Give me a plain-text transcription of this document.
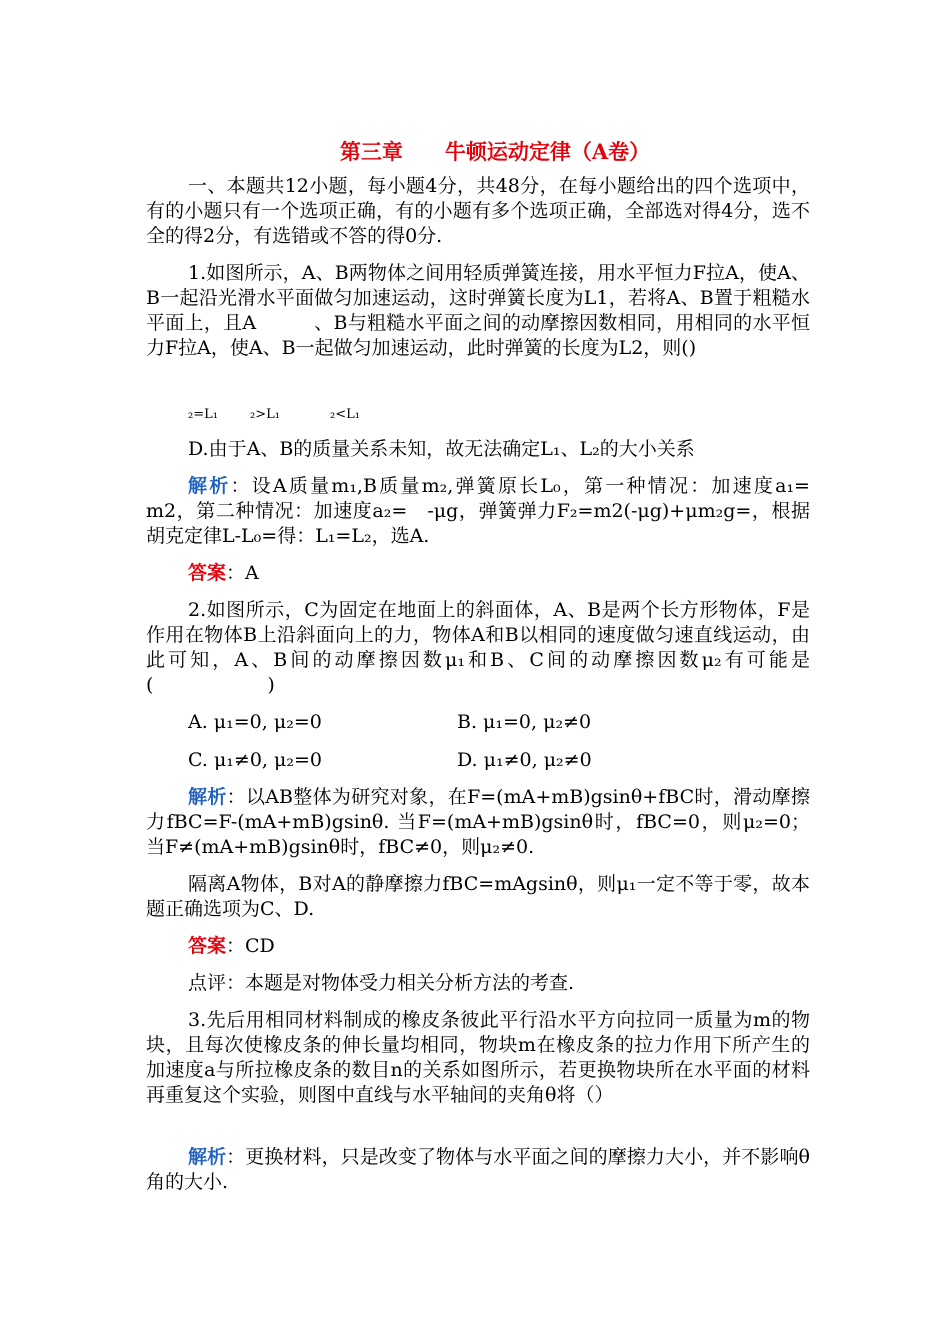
第三章　　牛顿运动定律（A卷）
一、本题共12小题，每小题4分，共48分，在每小题给出的四个选项中，有的小题只有一个选项正确，有的小题有多个选项正确，全部选对得4分，选不全的得2分，有选错或不答的得0分.
1.如图所示，A、B两物体之间用轻质弹簧连接，用水平恒力F拉A，使A、B一起沿光滑水平面做匀加速运动，这时弹簧长度为L1，若将A、B置于粗糙水平面上，且A　　　、B与粗糙水平面之间的动摩擦因数相同，用相同的水平恒力F拉A，使A、B一起做匀加速运动，此时弹簧的长度为L2，则()
₂=L₁ ₂>L₁	₂<L₁
D.由于A、B的质量关系未知，故无法确定L₁、L₂的大小关系
解析：设A质量m₁,B质量m₂,弹簧原长L₀，第一种情况：加速度a₁=　m2，第二种情况：加速度a₂=　-μg，弹簧弹力F₂=m2(-μg)+μm₂g=，根据胡克定律L-L₀=得：L₁=L₂，选A.
答案：A
2.如图所示，C为固定在地面上的斜面体，A、B是两个长方形物体，F是作用在物体B上沿斜面向上的力，物体A和B以相同的速度做匀速直线运动，由此可知，A、B间的动摩擦因数μ₁和B、C间的动摩擦因数μ₂有可能是(　　　　　　)
A. μ₁=0, μ₂=0	B. μ₁=0, μ₂≠0
C. μ₁≠0, μ₂=0	D. μ₁≠0, μ₂≠0
解析：以AB整体为研究对象，在F=(mA+mB)gsinθ+fBC时，滑动摩擦力fBC=F-(mA+mB)gsinθ. 当F=(mA+mB)gsinθ时，fBC=0，则μ₂=0；当F≠(mA+mB)gsinθ时，fBC≠0，则μ₂≠0.
隔离A物体，B对A的静摩擦力fBC=mAgsinθ，则μ₁一定不等于零，故本题正确选项为C、D.
答案：CD
点评：本题是对物体受力相关分析方法的考查.
3.先后用相同材料制成的橡皮条彼此平行沿水平方向拉同一质量为m的物块，且每次使橡皮条的伸长量均相同，物块m在橡皮条的拉力作用下所产生的加速度a与所拉橡皮条的数目n的关系如图所示，若更换物块所在水平面的材料再重复这个实验，则图中直线与水平轴间的夹角θ将（）
解析：更换材料，只是改变了物体与水平面之间的摩擦力大小，并不影响θ角的大小.
